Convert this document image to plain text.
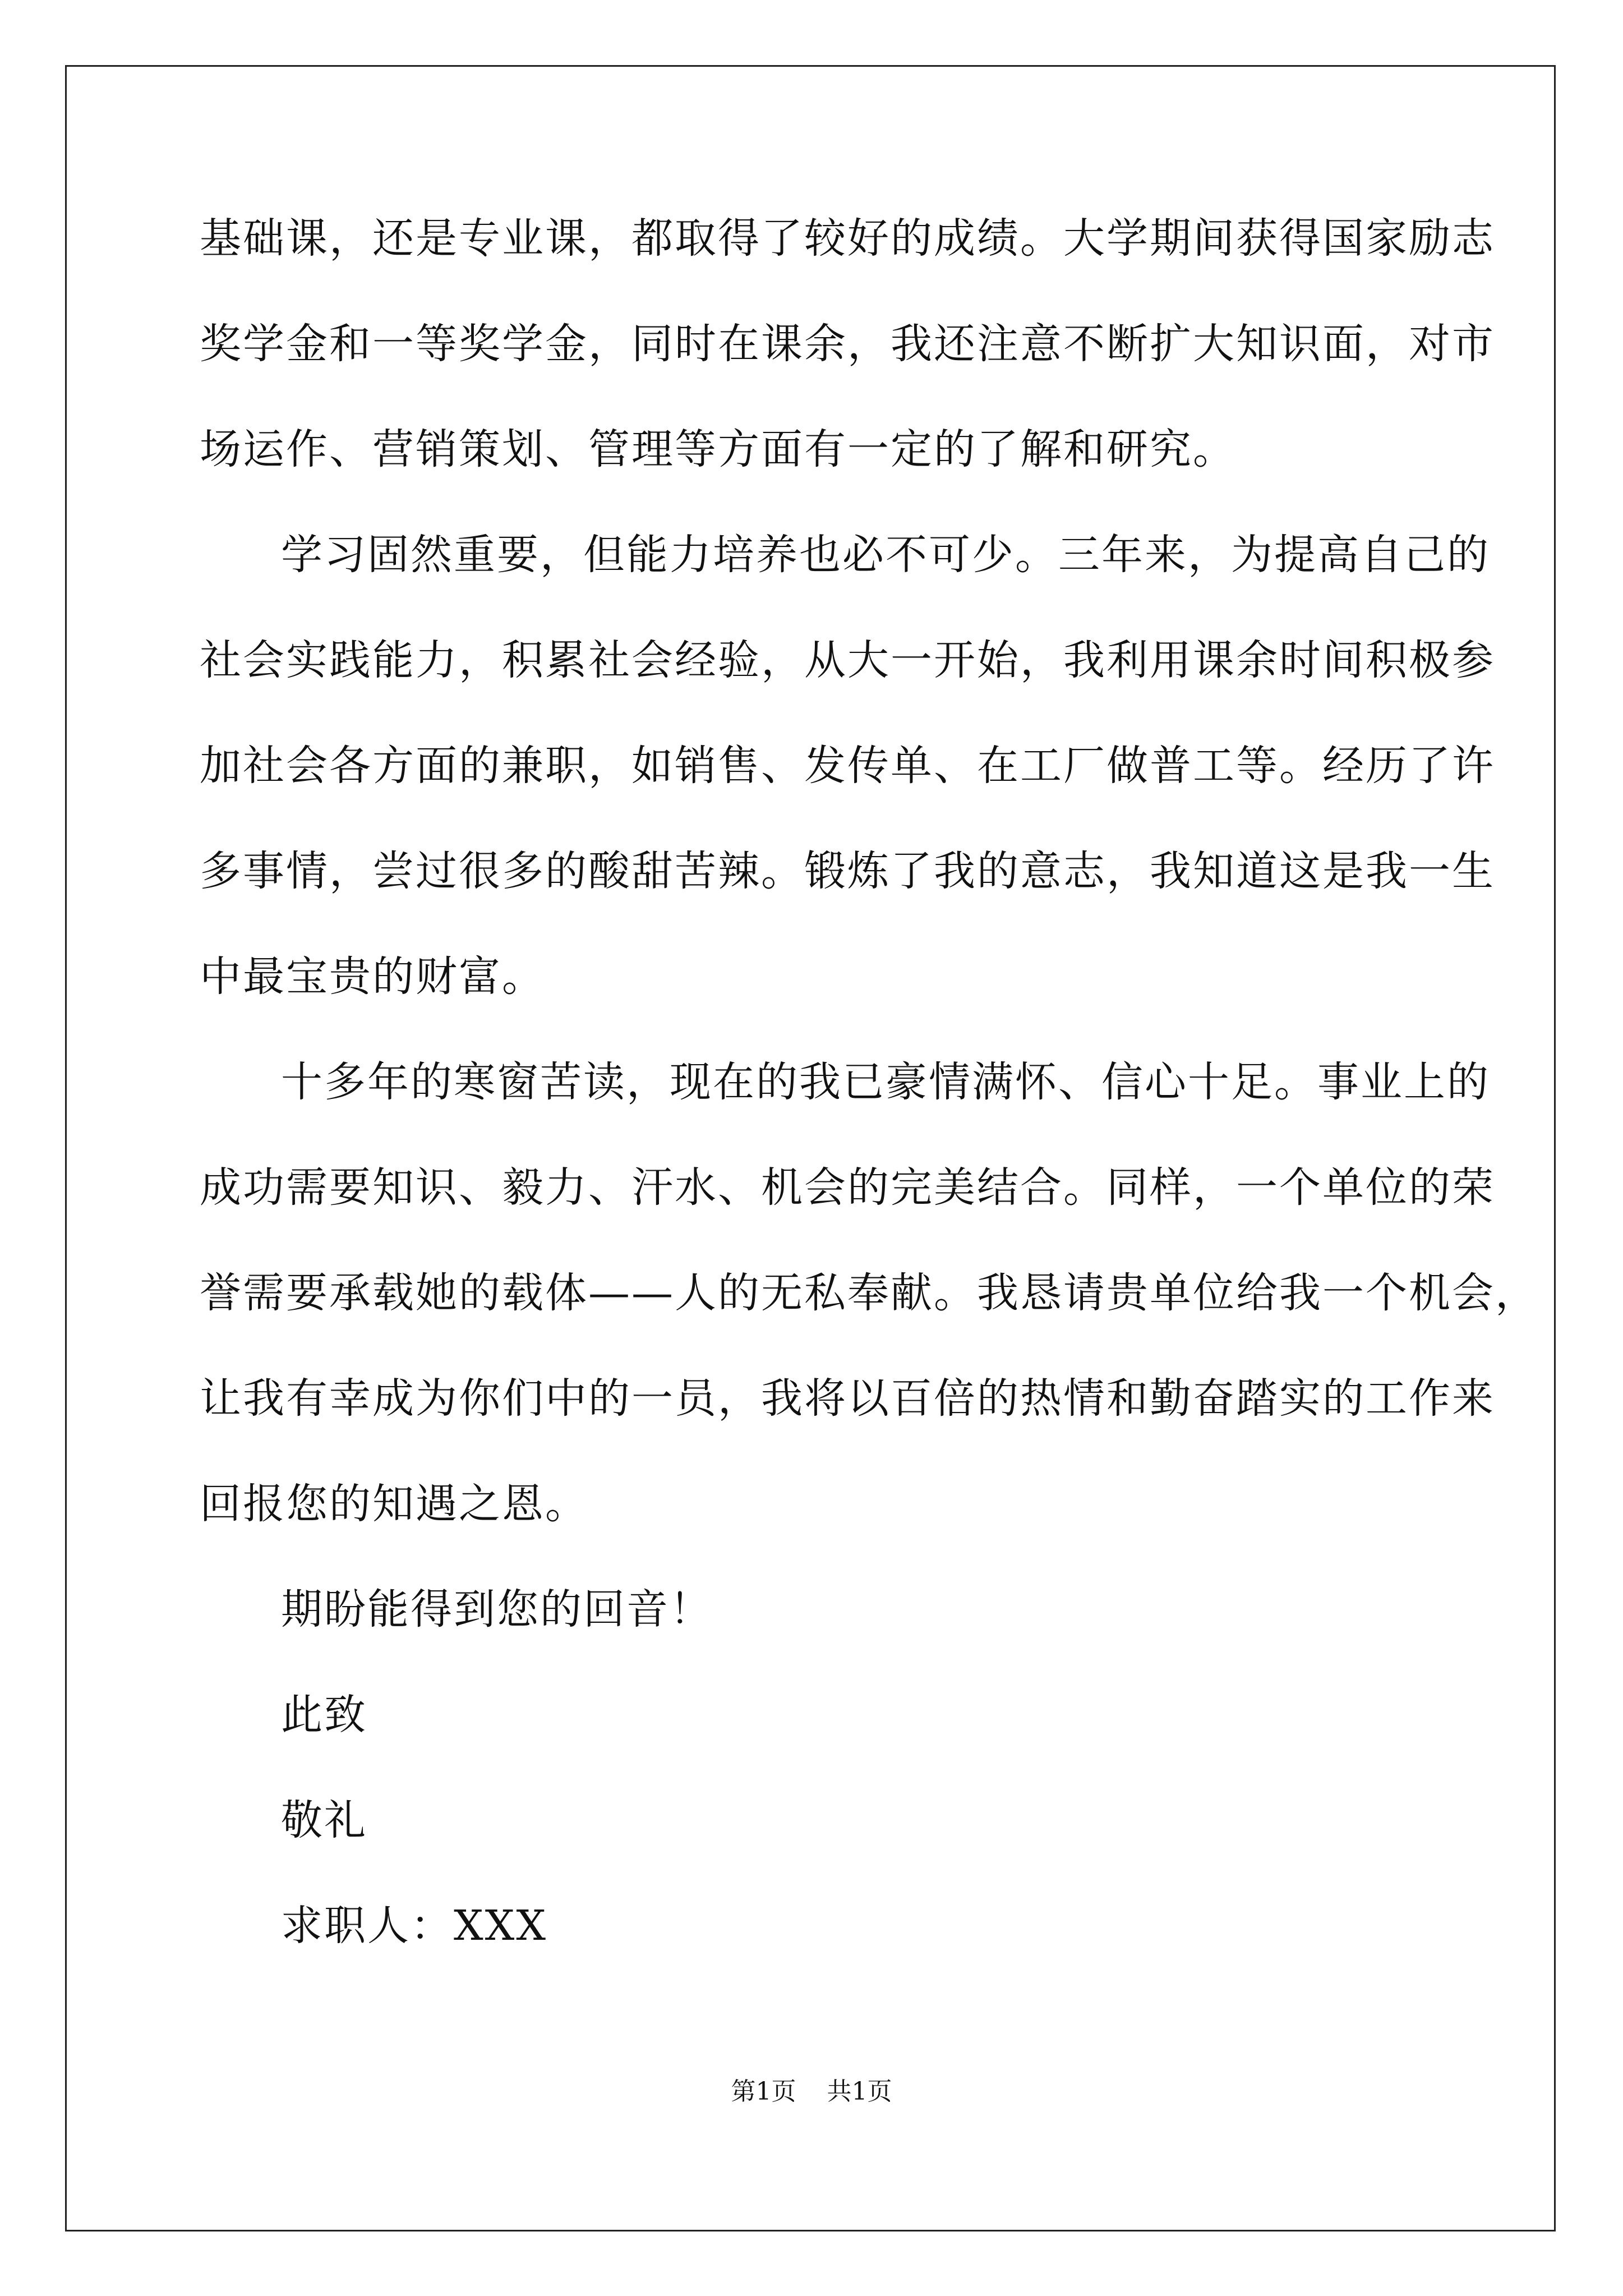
基础课，还是专业课，都取得了较好的成绩。大学期间获得国家励志
奖学金和一等奖学金，同时在课余，我还注意不断扩大知识面，对市
场运作、营销策划、管理等方面有一定的了解和研究。
学习固然重要，但能力培养也必不可少。三年来，为提高自己的
社会实践能力，积累社会经验，从大一开始，我利用课余时间积极参
加社会各方面的兼职，如销售、发传单、在工厂做普工等。经历了许
多事情，尝过很多的酸甜苦辣。锻炼了我的意志，我知道这是我一生
中最宝贵的财富。
十多年的寒窗苦读，现在的我已豪情满怀、信心十足。事业上的
成功需要知识、毅力、汗水、机会的完美结合。同样，一个单位的荣
誉需要承载她的载体——人的无私奉献。我恳请贵单位给我一个机会，
让我有幸成为你们中的一员，我将以百倍的热情和勤奋踏实的工作来
回报您的知遇之恩。
期盼能得到您的回音！
此致
敬礼
求职人：XXX
第1页 共1页
